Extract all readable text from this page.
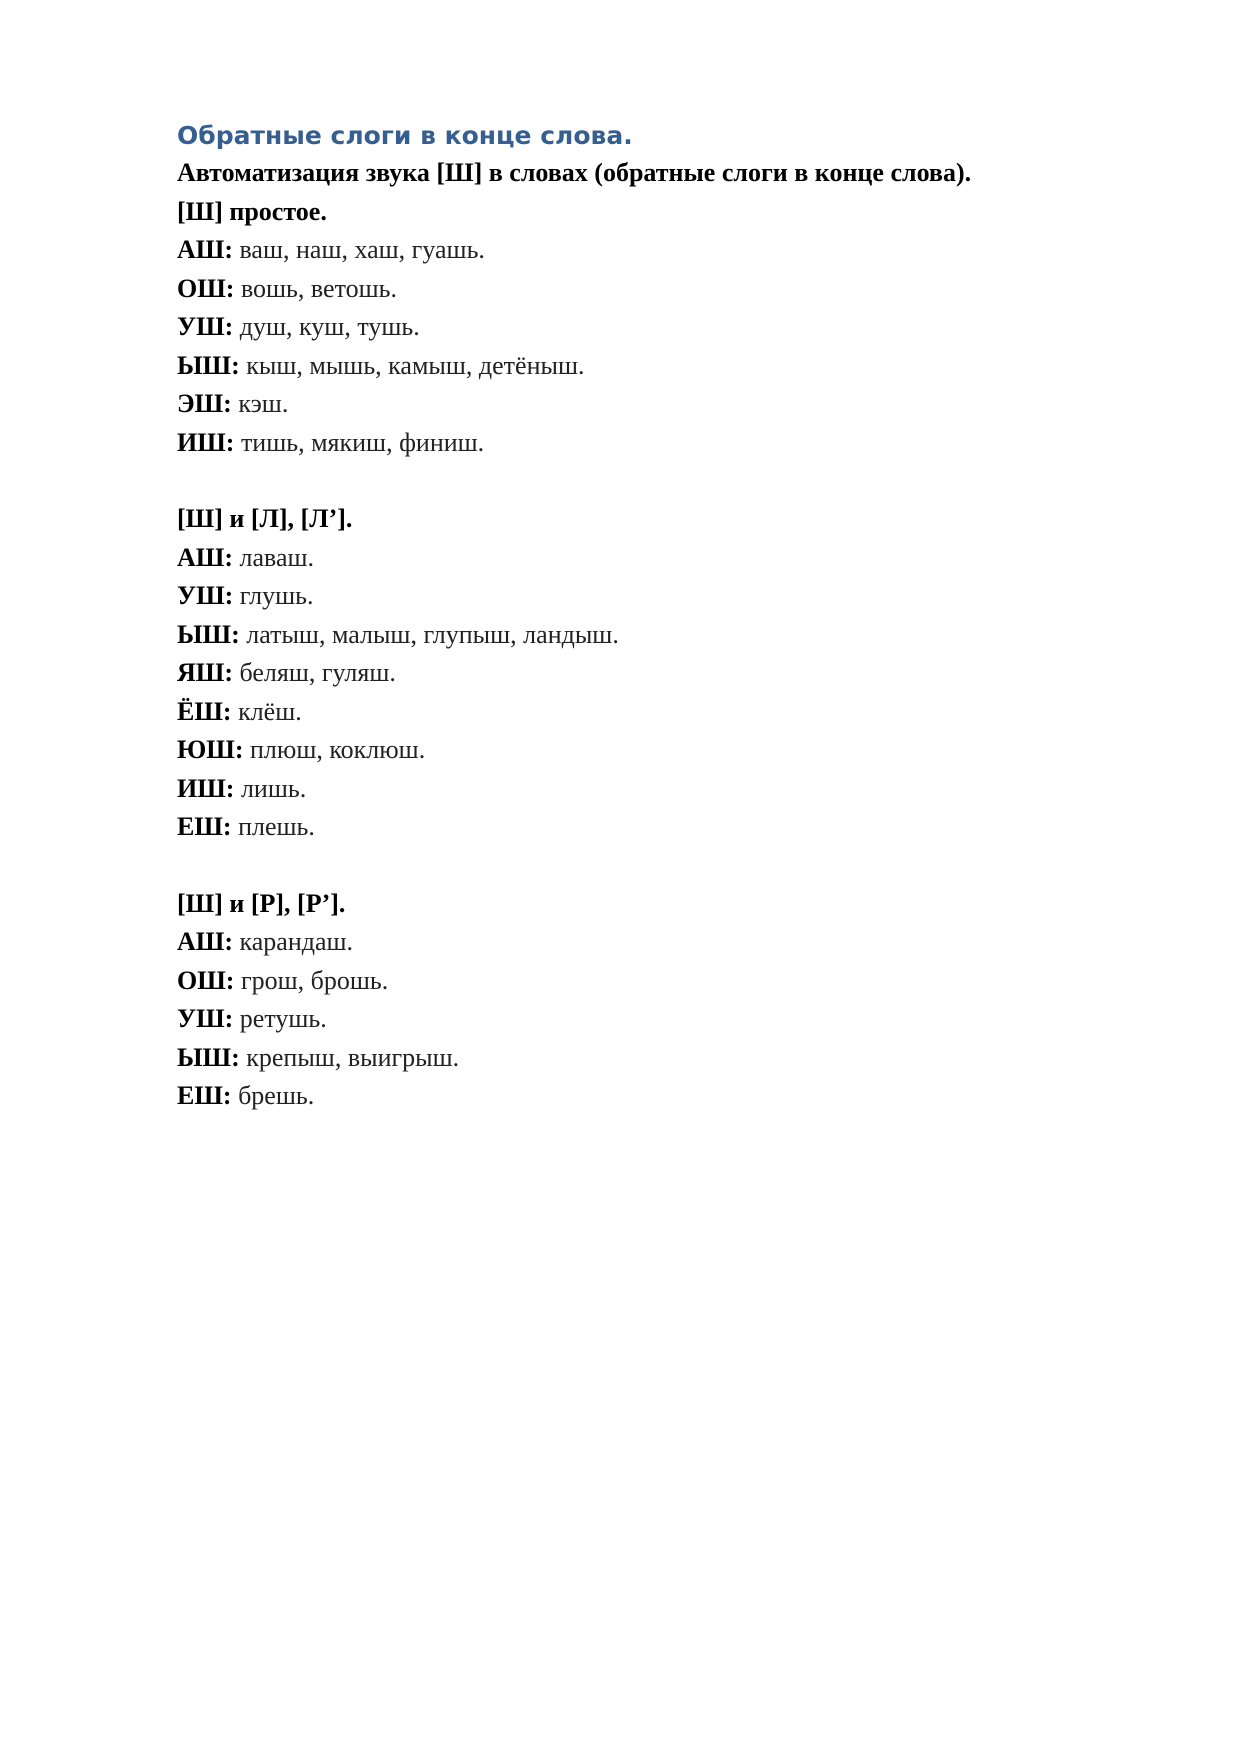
Обратные слоги в конце слова.
Автоматизация звука [Ш] в словах (обратные слоги в конце слова).
[Ш] простое.
АШ: ваш, наш, хаш, гуашь.
ОШ: вошь, ветошь.
УШ: душ, куш, тушь.
ЫШ: кыш, мышь, камыш, детёныш.
ЭШ: кэш.
ИШ: тишь, мякиш, финиш.
[Ш] и [Л], [Л’].
АШ: лаваш.
УШ: глушь.
ЫШ: латыш, малыш, глупыш, ландыш.
ЯШ: беляш, гуляш.
ЁШ: клёш.
ЮШ: плюш, коклюш.
ИШ: лишь.
ЕШ: плешь.
[Ш] и [Р], [Р’].
АШ: карандаш.
ОШ: грош, брошь.
УШ: ретушь.
ЫШ: крепыш, выигрыш.
ЕШ: брешь.
